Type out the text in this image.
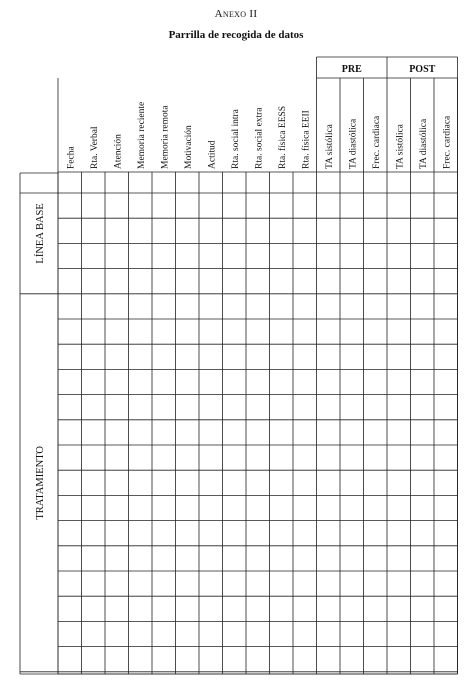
Anexo II
Parrilla de recogida de datos
PRE	POST
Fecha Rta. Verbal Atención Memoria reciente Memoria remota Motivación Actitud Rta. social intra Rta. social extra Rta. física EESS Rta. física EEII TA sistólica TA diastólica Frec. cardiaca TA sistólica TA diastólica Frec. cardiaca
LÍNEA BASE
TRATAMIENTO
